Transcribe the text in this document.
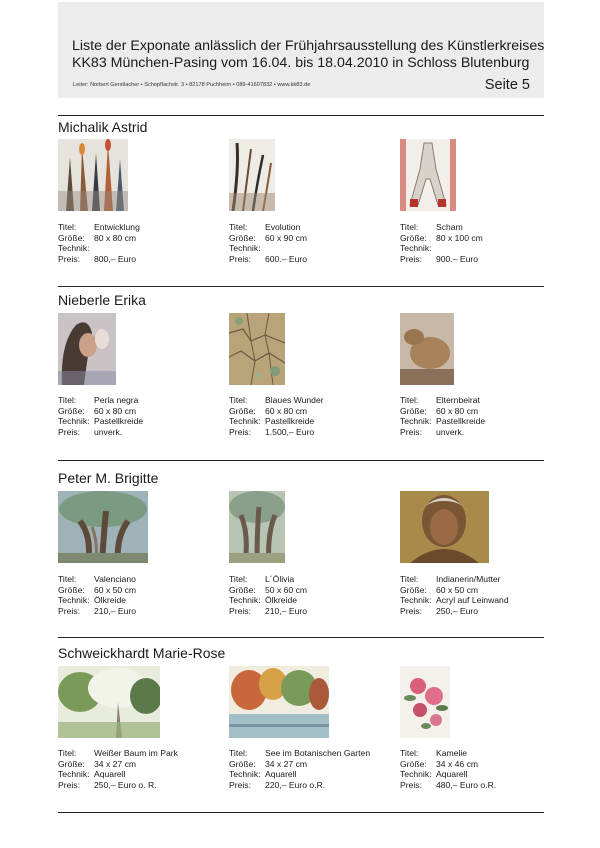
Liste der Exponate anlässlich der Frühjahrsausstellung des Künstlerkreises
KK83 München-Pasing vom 16.04. bis 18.04.2010 in Schloss Blutenburg
Leiter: Norbert Gerstlacher • Schopflachstr. 3 • 82178 Puchheim • 089-41607832 • www.kk83.de	Seite 5
Michalik Astrid
Titel: Entwicklung
Größe: 80 x 80 cm
Technik:
Preis: 800,– Euro
Titel: Evolution
Größe: 60 x 90 cm
Technik:
Preis: 600.– Euro
Titel: Scham
Größe: 80 x 100 cm
Technik:
Preis: 900.– Euro
Nieberle Erika
Titel: Perla negra
Größe: 60 x 80 cm
Technik: Pastellkreide
Preis: unverk.
Titel: Blaues Wunder
Größe: 60 x 80 cm
Technik: Pastellkreide
Preis: 1.500,– Euro
Titel: Elternbeirat
Größe: 60 x 80 cm
Technik: Pastellkreide
Preis: unverk.
Peter M. Brigitte
Titel: Valenciano
Größe: 60 x 50 cm
Technik: Ölkreide
Preis: 210,– Euro
Titel: L´Ölivia
Größe: 50 x 60 cm
Technik: Ölkreide
Preis: 210,– Euro
Titel: Indianerin/Mutter
Größe: 60 x 50 cm
Technik: Acryl auf Leinwand
Preis: 250,– Euro
Schweickhardt Marie-Rose
Titel: Weißer Baum im Park
Größe: 34 x 27 cm
Technik: Aquarell
Preis: 250,– Euro o. R.
Titel: See im Botanischen Garten
Größe: 34 x 27 cm
Technik: Aquarell
Preis: 220,– Euro o.R.
Titel: Kamelie
Größe: 34 x 46 cm
Technik: Aquarell
Preis: 480,– Euro o.R.
